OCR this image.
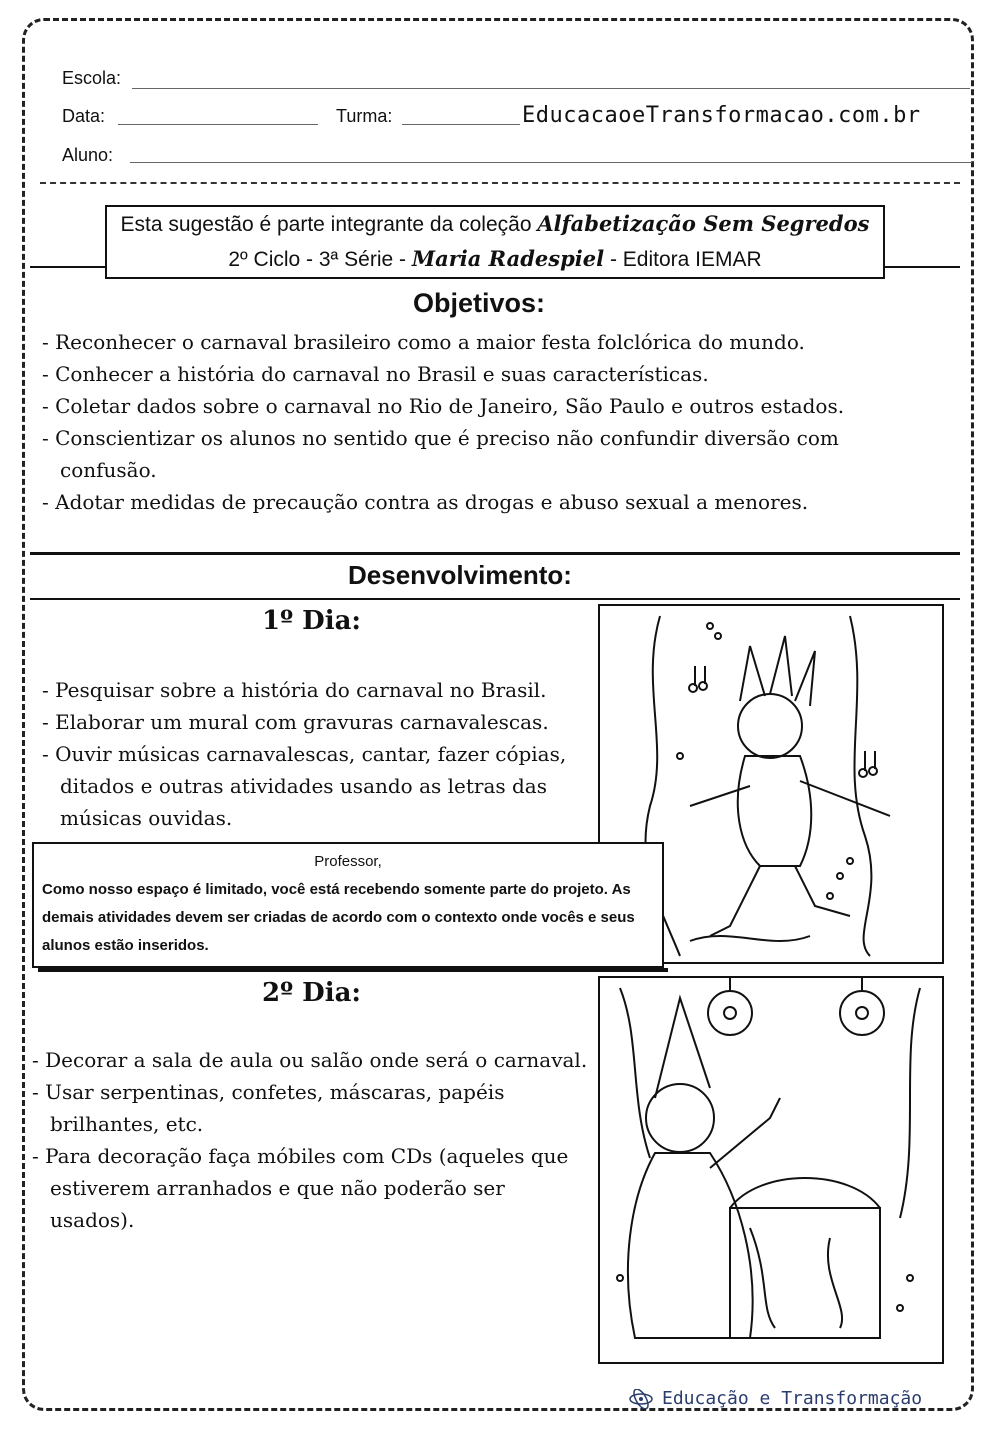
Escola:
Data:	Turma:	EducacaoeTransformacao.com.br
Aluno:
Esta sugestão é parte integrante da coleção Alfabetização Sem Segredos
2º Ciclo - 3ª Série - Maria Radespiel - Editora IEMAR
Objetivos:
- Reconhecer o carnaval brasileiro como a maior festa folclórica do mundo.
- Conhecer a história do carnaval no Brasil e suas características.
- Coletar dados sobre o carnaval no Rio de Janeiro, São Paulo e outros estados.
- Conscientizar os alunos no sentido que é preciso não confundir diversão com confusão.
- Adotar medidas de precaução contra as drogas e abuso sexual a menores.
Desenvolvimento:
1º Dia:
- Pesquisar sobre a história do carnaval no Brasil.
- Elaborar um mural com gravuras carnavalescas.
- Ouvir músicas carnavalescas, cantar, fazer cópias, ditados e outras atividades usando as letras das músicas ouvidas.
Professor,
Como nosso espaço é limitado, você está recebendo somente parte do projeto. As demais atividades devem ser criadas de acordo com o contexto onde vocês e seus alunos estão inseridos.
2º Dia:
- Decorar a sala de aula ou salão onde será o carnaval.
- Usar serpentinas, confetes, máscaras, papéis brilhantes, etc.
- Para decoração faça móbiles com CDs (aqueles que estiverem arranhados e que não poderão ser usados).
Educação e Transformação
